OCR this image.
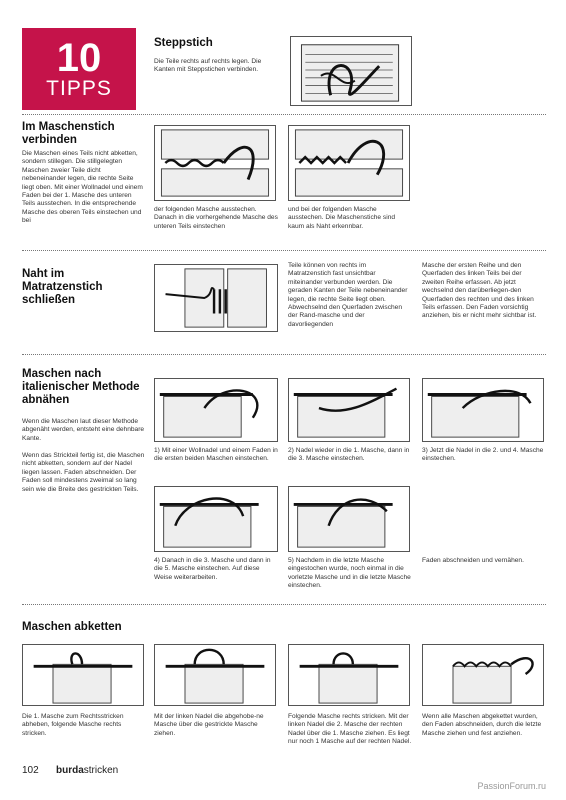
10
TIPPS
Steppstich
Die Teile rechts auf rechts legen. Die Kanten mit Steppstichen verbinden.
Im Maschenstich verbinden
Die Maschen eines Teils nicht abketten, sondern stillegen. Die stillgelegten Maschen zweier Teile dicht nebeneinander legen, die rechte Seite liegt oben. Mit einer Wollnadel und einem Faden bei der 1. Masche des unteren Teils ausstechen. In die entsprechende Masche des oberen Teils einstechen und bei
der folgenden Masche ausstechen. Danach in die vorhergehende Masche des unteren Teils einstechen
und bei der folgenden Masche ausstechen. Die Maschenstiche sind kaum als Naht erkennbar.
Naht im Matratzenstich schließen
Teile können von rechts im Matratzenstich fast unsichtbar miteinander verbunden werden. Die geraden Kanten der Teile nebeneinander legen, die rechte Seite liegt oben. Abwechselnd den Querfaden zwischen der Rand-masche und der davorliegenden
Masche der ersten Reihe und den Querfaden des linken Teils bei der zweiten Reihe erfassen. Ab jetzt wechselnd den darüberliegen-den Querfaden des rechten und des linken Teils erfassen. Den Faden vorsichtig anziehen, bis er nicht mehr sichtbar ist.
Maschen nach italienischer Methode abnähen
Wenn die Maschen laut dieser Methode abgenäht werden, entsteht eine dehnbare Kante.
Wenn das Strickteil fertig ist, die Maschen nicht abketten, sondern auf der Nadel liegen lassen. Faden abschneiden. Der Faden soll mindestens zweimal so lang sein wie die Breite des gestrickten Teils.
1) Mit einer Wollnadel und einem Faden in die ersten beiden Maschen einstechen.
2) Nadel wieder in die 1. Masche, dann in die 3. Masche einstechen.
3) Jetzt die Nadel in die 2. und 4. Masche einstechen.
4) Danach in die 3. Masche und dann in die 5. Masche einstechen. Auf diese Weise weiterarbeiten.
5) Nachdem in die letzte Masche eingestochen wurde, noch einmal in die vorletzte Masche und in die letzte Masche einstechen.
Faden abschneiden und vernähen.
Maschen abketten
Die 1. Masche zum Rechtsstricken abheben, folgende Masche rechts stricken.
Mit der linken Nadel die abgehobe-ne Masche über die gestrickte Masche ziehen.
Folgende Masche rechts stricken. Mit der linken Nadel die 2. Masche der rechten Nadel über die 1. Masche ziehen. Es liegt nur noch 1 Masche auf der rechten Nadel.
Wenn alle Maschen abgekettet wurden, den Faden abschneiden, durch die letzte Masche ziehen und fest anziehen.
102 burdastricken
PassionForum.ru
